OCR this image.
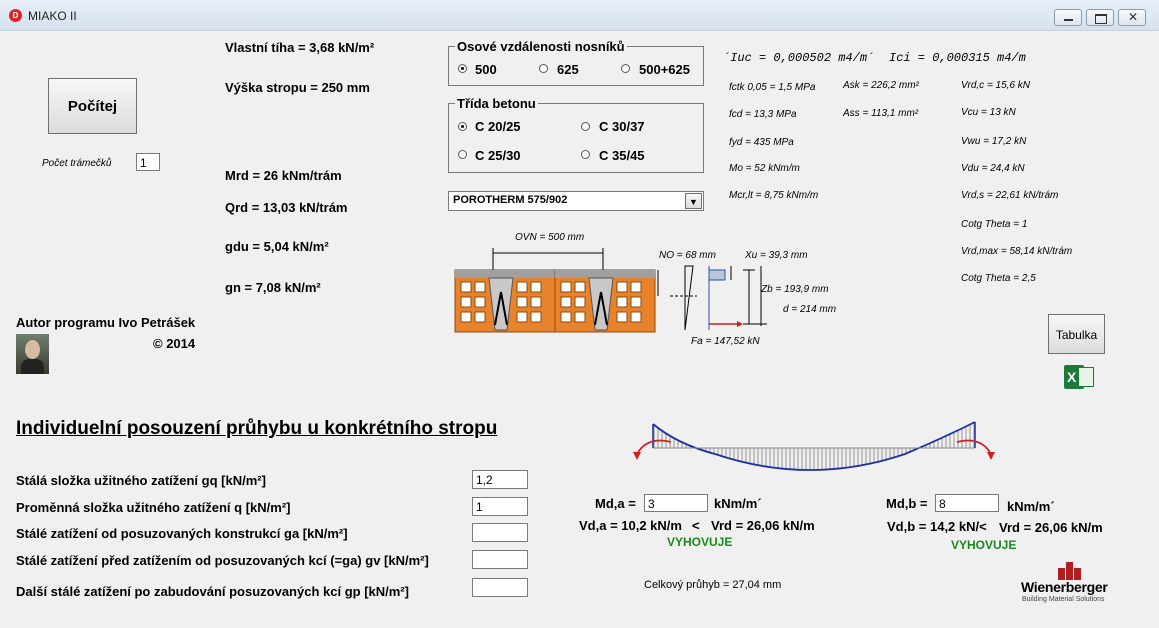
D MIAKO II	✕
Počítej
Počet trámečků	1
Autor programu Ivo Petrášek
© 2014
Vlastní tíha = 3,68 kN/m²
Výška stropu = 250 mm
Mrd = 26 kNm/trám
Qrd = 13,03 kN/trám
gdu = 5,04 kN/m²
gn = 7,08 kN/m²
Osové vzdálenosti nosníků
500	625	500+625
Třída betonu
C 20/25	C 30/37
C 25/30	C 35/45
POROTHERM 575/902	▼
´Iuc = 0,000502 m4/m´ Ici = 0,000315 m4/m
fctk 0,05 = 1,5 MPa
fcd = 13,3 MPa
fyd = 435 MPa
Mo = 52 kNm/m
Mcr,lt = 8,75 kNm/m
Ask = 226,2 mm²
Ass = 113,1 mm²
Vrd,c = 15,6 kN
Vcu = 13 kN
Vwu = 17,2 kN
Vdu = 24,4 kN
Vrd,s = 22,61 kN/trám
Cotg Theta = 1
Vrd,max = 58,14 kN/trám
Cotg Theta = 2,5
OVN = 500 mm
NO = 68 mm	Xu = 39,3 mm
Zb = 193,9 mm
d = 214 mm
Fa = 147,52 kN	Tabulka
X
Individuelní posouzení průhybu u konkrétního stropu
Stálá složka užitného zatížení gq [kN/m²]	1,2
Proměnná složka užitného zatížení q [kN/m²]	1
Stálé zatížení od posuzovaných konstrukcí ga [kN/m²]
Stálé zatížení před zatížením od posuzovaných kcí (=ga) gv [kN/m²]
Další stálé zatížení po zabudování posuzovaných kcí gp [kN/m²]
Md,a =	3	kNm/m´	Md,b = 8	kNm/m´
Vd,a = 10,2 kN/m < Vrd = 26,06 kN/m	Vd,b = 14,2 kN/< Vrd = 26,06 kN/m
VYHOVUJE	VYHOVUJE
Celkový průhyb = 27,04 mm	Wienerberger
Building Material Solutions
